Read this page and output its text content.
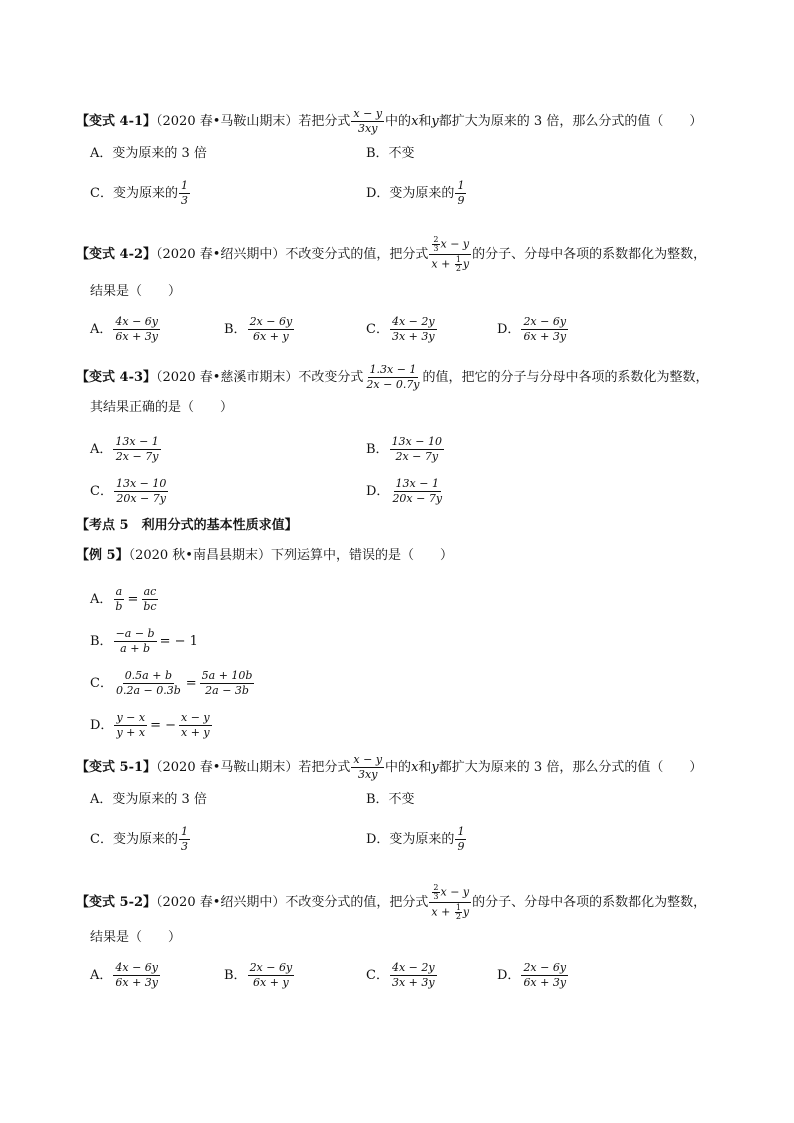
【变式 4-1】（2020 春•马鞍山期末）若把分式 $\frac{x - y}{3xy}$ 中的x和y都扩大为原来的 3 倍，那么分式的值（　　）
A．变为原来的 3 倍	B．不变
C．变为原来的 $\frac{1}{3}$	D．变为原来的 $\frac{1}{9}$
【变式 4-2】（2020 春•绍兴期中）不改变分式的值，把分式 $\frac{\frac{2}{3} x - y}{x + \frac{1}{2} y}$ 的分子、分母中各项的系数都化为整数，
结果是（　　）
A． $\frac{4x - 6y}{6x + 3y}$	B． $\frac{2x - 6y}{6x + y}$	C． $\frac{4x - 2y}{3x + 3y}$	D． $\frac{2x - 6y}{6x + 3y}$
【变式 4-3】（2020 春•慈溪市期末）不改变分式 $\frac{1.3x - 1}{2x - 0.7y}$ 的值，把它的分子与分母中各项的系数化为整数，
其结果正确的是（　　）
A． $\frac{13x - 1}{2x - 7y}$	B． $\frac{13x - 10}{2x - 7y}$
C． $\frac{13x - 10}{20x - 7y}$	D． $\frac{13x - 1}{20x - 7y}$
【考点 5　利用分式的基本性质求值】
【例 5】（2020 秋•南昌县期末）下列运算中，错误的是（　　）
A． $\frac{a}{b} = \frac{ac}{bc}$
B． $\frac{-a - b}{a + b}$ = − 1
C． $\frac{0.5a + b}{0.2a - 0.3b} = \frac{5a + 10b}{2a - 3b}$
D． $\frac{y - x}{y + x}$ = − $\frac{x - y}{x + y}$
【变式 5-1】（2020 春•马鞍山期末）若把分式 $\frac{x - y}{3xy}$ 中的x和y都扩大为原来的 3 倍，那么分式的值（　　）
A．变为原来的 3 倍	B．不变
C．变为原来的 $\frac{1}{3}$	D．变为原来的 $\frac{1}{9}$
【变式 5-2】（2020 春•绍兴期中）不改变分式的值，把分式 $\frac{\frac{2}{3} x - y}{x + \frac{1}{2} y}$ 的分子、分母中各项的系数都化为整数，
结果是（　　）
A． $\frac{4x - 6y}{6x + 3y}$	B． $\frac{2x - 6y}{6x + y}$	C． $\frac{4x - 2y}{3x + 3y}$	D． $\frac{2x - 6y}{6x + 3y}$
